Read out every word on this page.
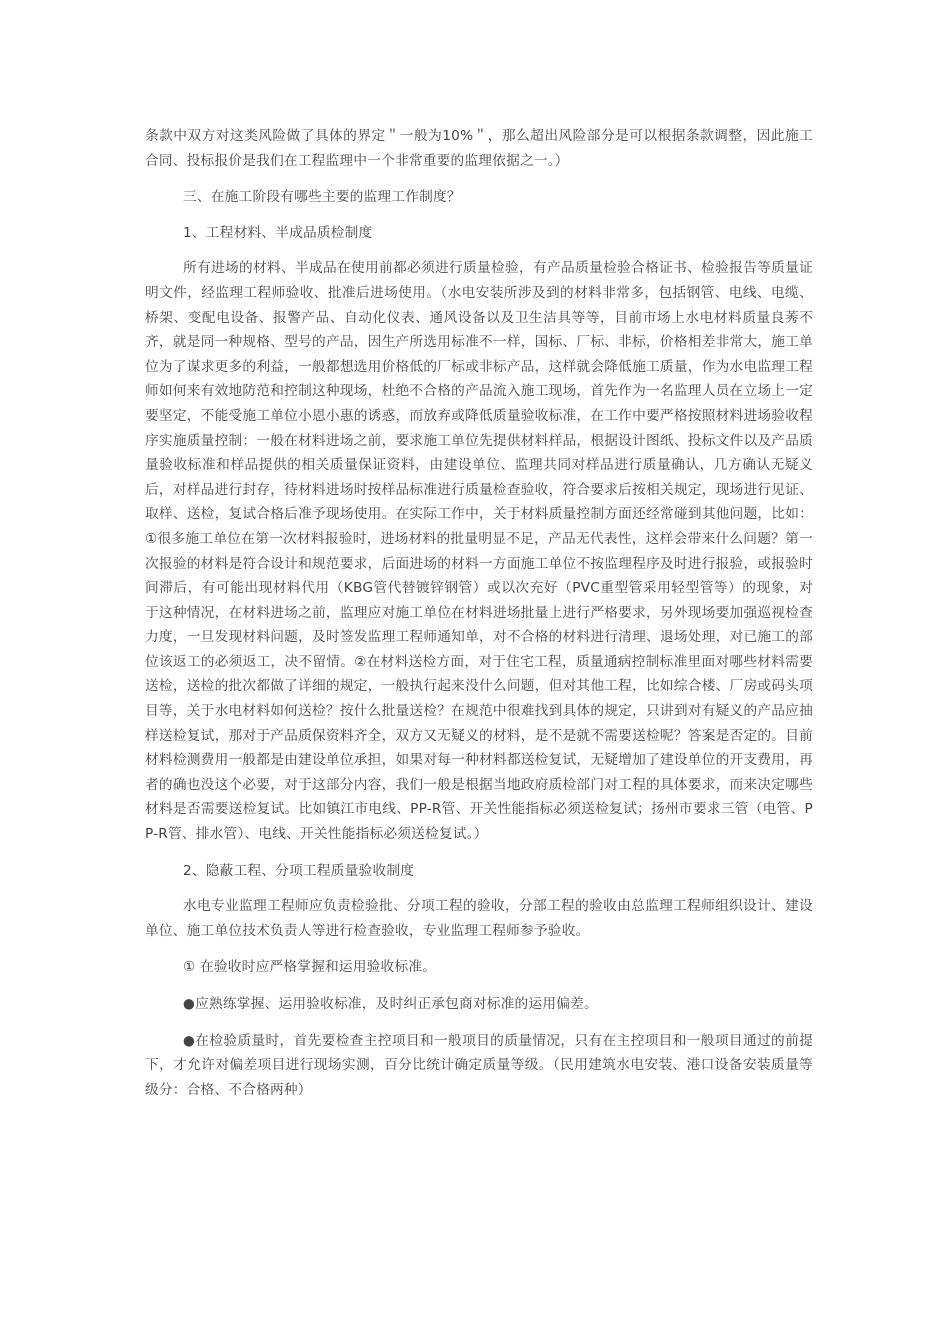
条款中双方对这类风险做了具体的界定＂一般为10%＂，那么超出风险部分是可以根据条款调整，因此施工合同、投标报价是我们在工程监理中一个非常重要的监理依据之一。）

三、在施工阶段有哪些主要的监理工作制度？

1、工程材料、半成品质检制度

所有进场的材料、半成品在使用前都必须进行质量检验，有产品质量检验合格证书、检验报告等质量证明文件，经监理工程师验收、批准后进场使用。（水电安装所涉及到的材料非常多，包括钢管、电线、电缆、桥架、变配电设备、报警产品、自动化仪表、通风设备以及卫生洁具等等，目前市场上水电材料质量良莠不齐，就是同一种规格、型号的产品，因生产所选用标准不一样，国标、厂标、非标，价格相差非常大，施工单位为了谋求更多的利益，一般都想选用价格低的厂标或非标产品，这样就会降低施工质量，作为水电监理工程师如何来有效地防范和控制这种现场，杜绝不合格的产品流入施工现场，首先作为一名监理人员在立场上一定要坚定，不能受施工单位小恩小惠的诱惑，而放弃或降低质量验收标准，在工作中要严格按照材料进场验收程序实施质量控制：一般在材料进场之前，要求施工单位先提供材料样品，根据设计图纸、投标文件以及产品质量验收标准和样品提供的相关质量保证资料，由建设单位、监理共同对样品进行质量确认，几方确认无疑义后，对样品进行封存，待材料进场时按样品标准进行质量检查验收，符合要求后按相关规定，现场进行见证、取样、送检，复试合格后准予现场使用。在实际工作中，关于材料质量控制方面还经常碰到其他问题，比如：①很多施工单位在第一次材料报验时，进场材料的批量明显不足，产品无代表性，这样会带来什么问题？第一次报验的材料是符合设计和规范要求，后面进场的材料一方面施工单位不按监理程序及时进行报验，或报验时间滞后，有可能出现材料代用（KBG管代替镀锌钢管）或以次充好（PVC重型管采用轻型管等）的现象，对于这种情况，在材料进场之前，监理应对施工单位在材料进场批量上进行严格要求，另外现场要加强巡视检查力度，一旦发现材料问题，及时签发监理工程师通知单，对不合格的材料进行清理、退场处理，对已施工的部位该返工的必须返工，决不留情。②在材料送检方面，对于住宅工程，质量通病控制标准里面对哪些材料需要送检，送检的批次都做了详细的规定，一般执行起来没什么问题，但对其他工程，比如综合楼、厂房或码头项目等，关于水电材料如何送检？按什么批量送检？在规范中很难找到具体的规定，只讲到对有疑义的产品应抽样送检复试，那对于产品质保资料齐全，双方又无疑义的材料，是不是就不需要送检呢？答案是否定的。目前材料检测费用一般都是由建设单位承担，如果对每一种材料都送检复试，无疑增加了建设单位的开支费用，再者的确也没这个必要，对于这部分内容，我们一般是根据当地政府质检部门对工程的具体要求，而来决定哪些材料是否需要送检复试。比如镇江市电线、PP-R管、开关性能指标必须送检复试；扬州市要求三管（电管、PP-R管、排水管）、电线、开关性能指标必须送检复试。）

2、隐蔽工程、分项工程质量验收制度

水电专业监理工程师应负责检验批、分项工程的验收，分部工程的验收由总监理工程师组织设计、建设单位、施工单位技术负责人等进行检查验收，专业监理工程师参予验收。

① 在验收时应严格掌握和运用验收标准。

●应熟练掌握、运用验收标准，及时纠正承包商对标准的运用偏差。

●在检验质量时，首先要检查主控项目和一般项目的质量情况，只有在主控项目和一般项目通过的前提下，才允许对偏差项目进行现场实测，百分比统计确定质量等级。（民用建筑水电安装、港口设备安装质量等级分：合格、不合格两种）
